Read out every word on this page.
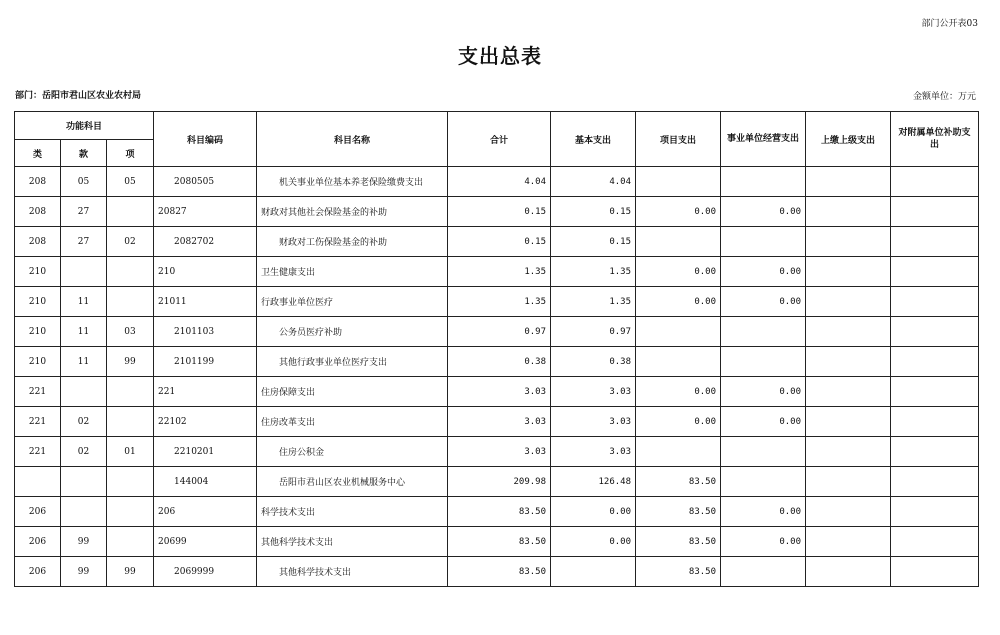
部门公开表03
支出总表
部门：岳阳市君山区农业农村局	金额单位：万元
功能科目			科目编码	科目名称	合计	基本支出	项目支出	事业单位经营支出	上缴上级支出	对附属单位补助支出
类	款	项								
208	05	05	2080505	机关事业单位基本养老保险缴费支出	4.04	4.04				
208	27		20827	财政对其他社会保险基金的补助	0.15	0.15	0.00	0.00		
208	27	02	2082702	财政对工伤保险基金的补助	0.15	0.15				
210			210	卫生健康支出	1.35	1.35	0.00	0.00		
210	11		21011	行政事业单位医疗	1.35	1.35	0.00	0.00		
210	11	03	2101103	公务员医疗补助	0.97	0.97				
210	11	99	2101199	其他行政事业单位医疗支出	0.38	0.38				
221			221	住房保障支出	3.03	3.03	0.00	0.00		
221	02		22102	住房改革支出	3.03	3.03	0.00	0.00		
221	02	01	2210201	住房公积金	3.03	3.03				
			144004	岳阳市君山区农业机械服务中心	209.98	126.48	83.50			
206			206	科学技术支出	83.50	0.00	83.50	0.00		
206	99		20699	其他科学技术支出	83.50	0.00	83.50	0.00		
206	99	99	2069999	其他科学技术支出	83.50		83.50			
